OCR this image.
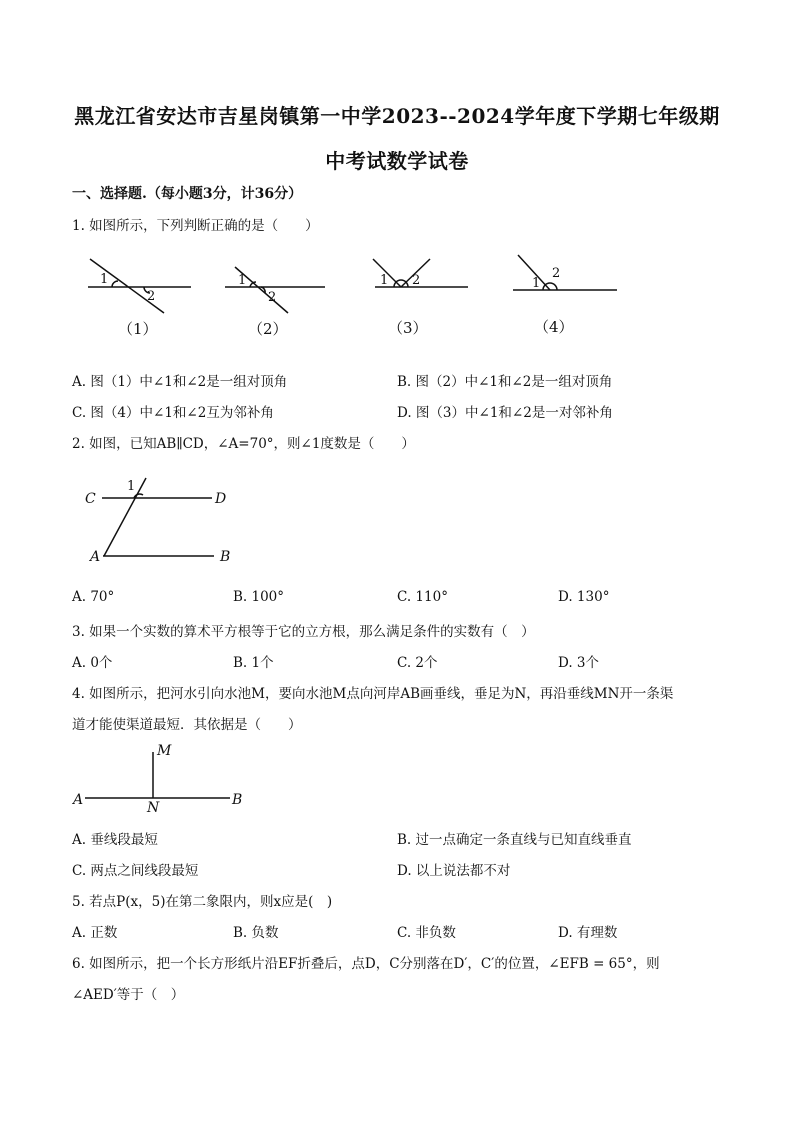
黑龙江省安达市吉星岗镇第一中学2023--2024学年度下学期七年级期
中考试数学试卷
一、选择题.（每小题3分，计36分）
1. 如图所示，下列判断正确的是（　　）
1
2
1
2
1 2	1
2
（1）	（2）	（3）	（4）
A. 图（1）中∠1和∠2是一组对顶角	B. 图（2）中∠1和∠2是一组对顶角
C. 图（4）中∠1和∠2互为邻补角	D. 图（3）中∠1和∠2是一对邻补角
2. 如图，已知AB∥CD，∠A=70°，则∠1度数是（　　）
C	D
A	B
1
A. 70°	B. 100°	C. 110°	D. 130°
3. 如果一个实数的算术平方根等于它的立方根，那么满足条件的实数有（　）
A. 0个	B. 1个	C. 2个	D. 3个
4. 如图所示，把河水引向水池M，要向水池M点向河岸AB画垂线，垂足为N，再沿垂线MN开一条渠
道才能使渠道最短．其依据是（　　）
M
N
A	B
A. 垂线段最短	B. 过一点确定一条直线与已知直线垂直
C. 两点之间线段最短	D. 以上说法都不对
5. 若点P(x，5)在第二象限内，则x应是(　)
A. 正数	B. 负数	C. 非负数	D. 有理数
6. 如图所示，把一个长方形纸片沿EF折叠后，点D，C分别落在D′，C′的位置，∠EFB = 65°，则
∠AED′等于（　）
